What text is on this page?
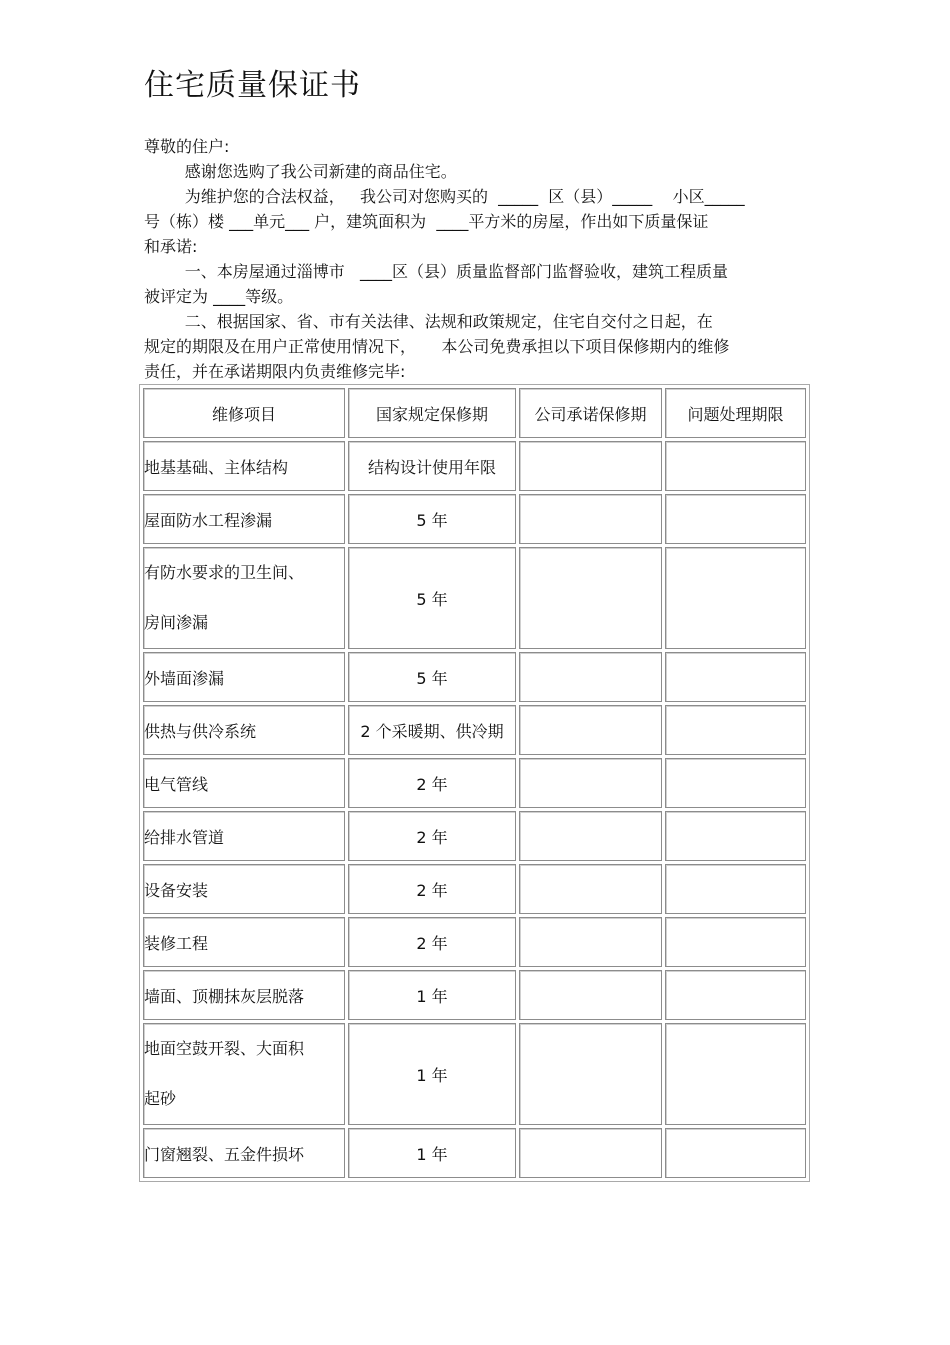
住宅质量保证书
尊敬的住户:
感谢您选购了我公司新建的商品住宅。
为维护您的合法权益，   我公司对您购买的  _____  区（县）_____    小区_____
号（栋）楼 ___单元___ 户，建筑面积为  ____平方米的房屋，作出如下质量保证
和承诺:
一、本房屋通过淄博市   ____区（县）质量监督部门监督验收，建筑工程质量
被评定为 ____等级。
二、根据国家、省、市有关法律、法规和政策规定，住宅自交付之日起，在
规定的期限及在用户正常使用情况下，     本公司免费承担以下项目保修期内的维修
责任，并在承诺期限内负责维修完毕:
维修项目	国家规定保修期	公司承诺保修期	问题处理期限
地基基础、主体结构	结构设计使用年限		
屋面防水工程渗漏	5 年		

有防水要求的卫生间、
房间渗漏	5 年		
外墙面渗漏	5 年		
供热与供冷系统	2 个采暖期、供冷期		
电气管线	2 年		
给排水管道	2 年		
设备安装	2 年		
装修工程	2 年		
墙面、顶棚抹灰层脱落	1 年		

地面空鼓开裂、大面积
起砂	1 年		
门窗翘裂、五金件损坏	1 年		
